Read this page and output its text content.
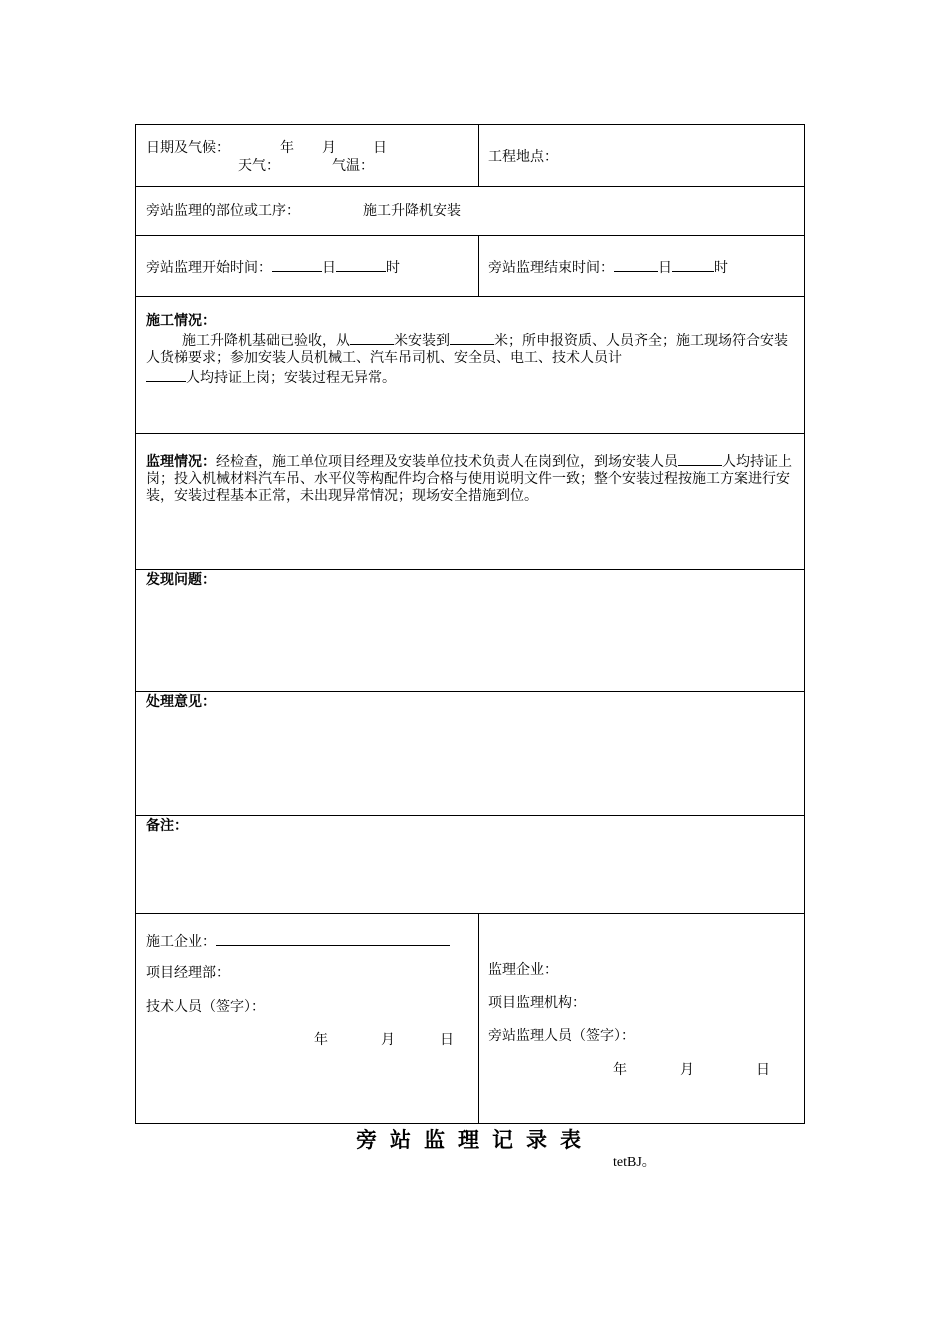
日期及气候：	年 月	日
天气：	气温：
工程地点：
旁站监理的部位或工序：	施工升降机安装
旁站监理开始时间：	日	时	旁站监理结束时间：	日	时
施工情况：
施工升降机基础已验收，从	米安装到	米；所申报资质、人员齐全；施工现场符合安装人货梯要求；参加安装人员机械工、汽车吊司机、安全员、电工、技术人员计
人均持证上岗；安装过程无异常。
监理情况：经检查，施工单位项目经理及安装单位技术负责人在岗到位，到场安装人员	人均持证上岗；投入机械材料汽车吊、水平仪等构配件均合格与使用说明文件一致；整个安装过程按施工方案进行安装，安装过程基本正常，未出现异常情况；现场安全措施到位。
发现问题：
处理意见：
备注：
施工企业：
项目经理部：
技术人员（签字）：
年	月	日
监理企业：
项目监理机构：
旁站监理人员（签字）：
年	月	日
旁站监理记录表
tetBJ。
